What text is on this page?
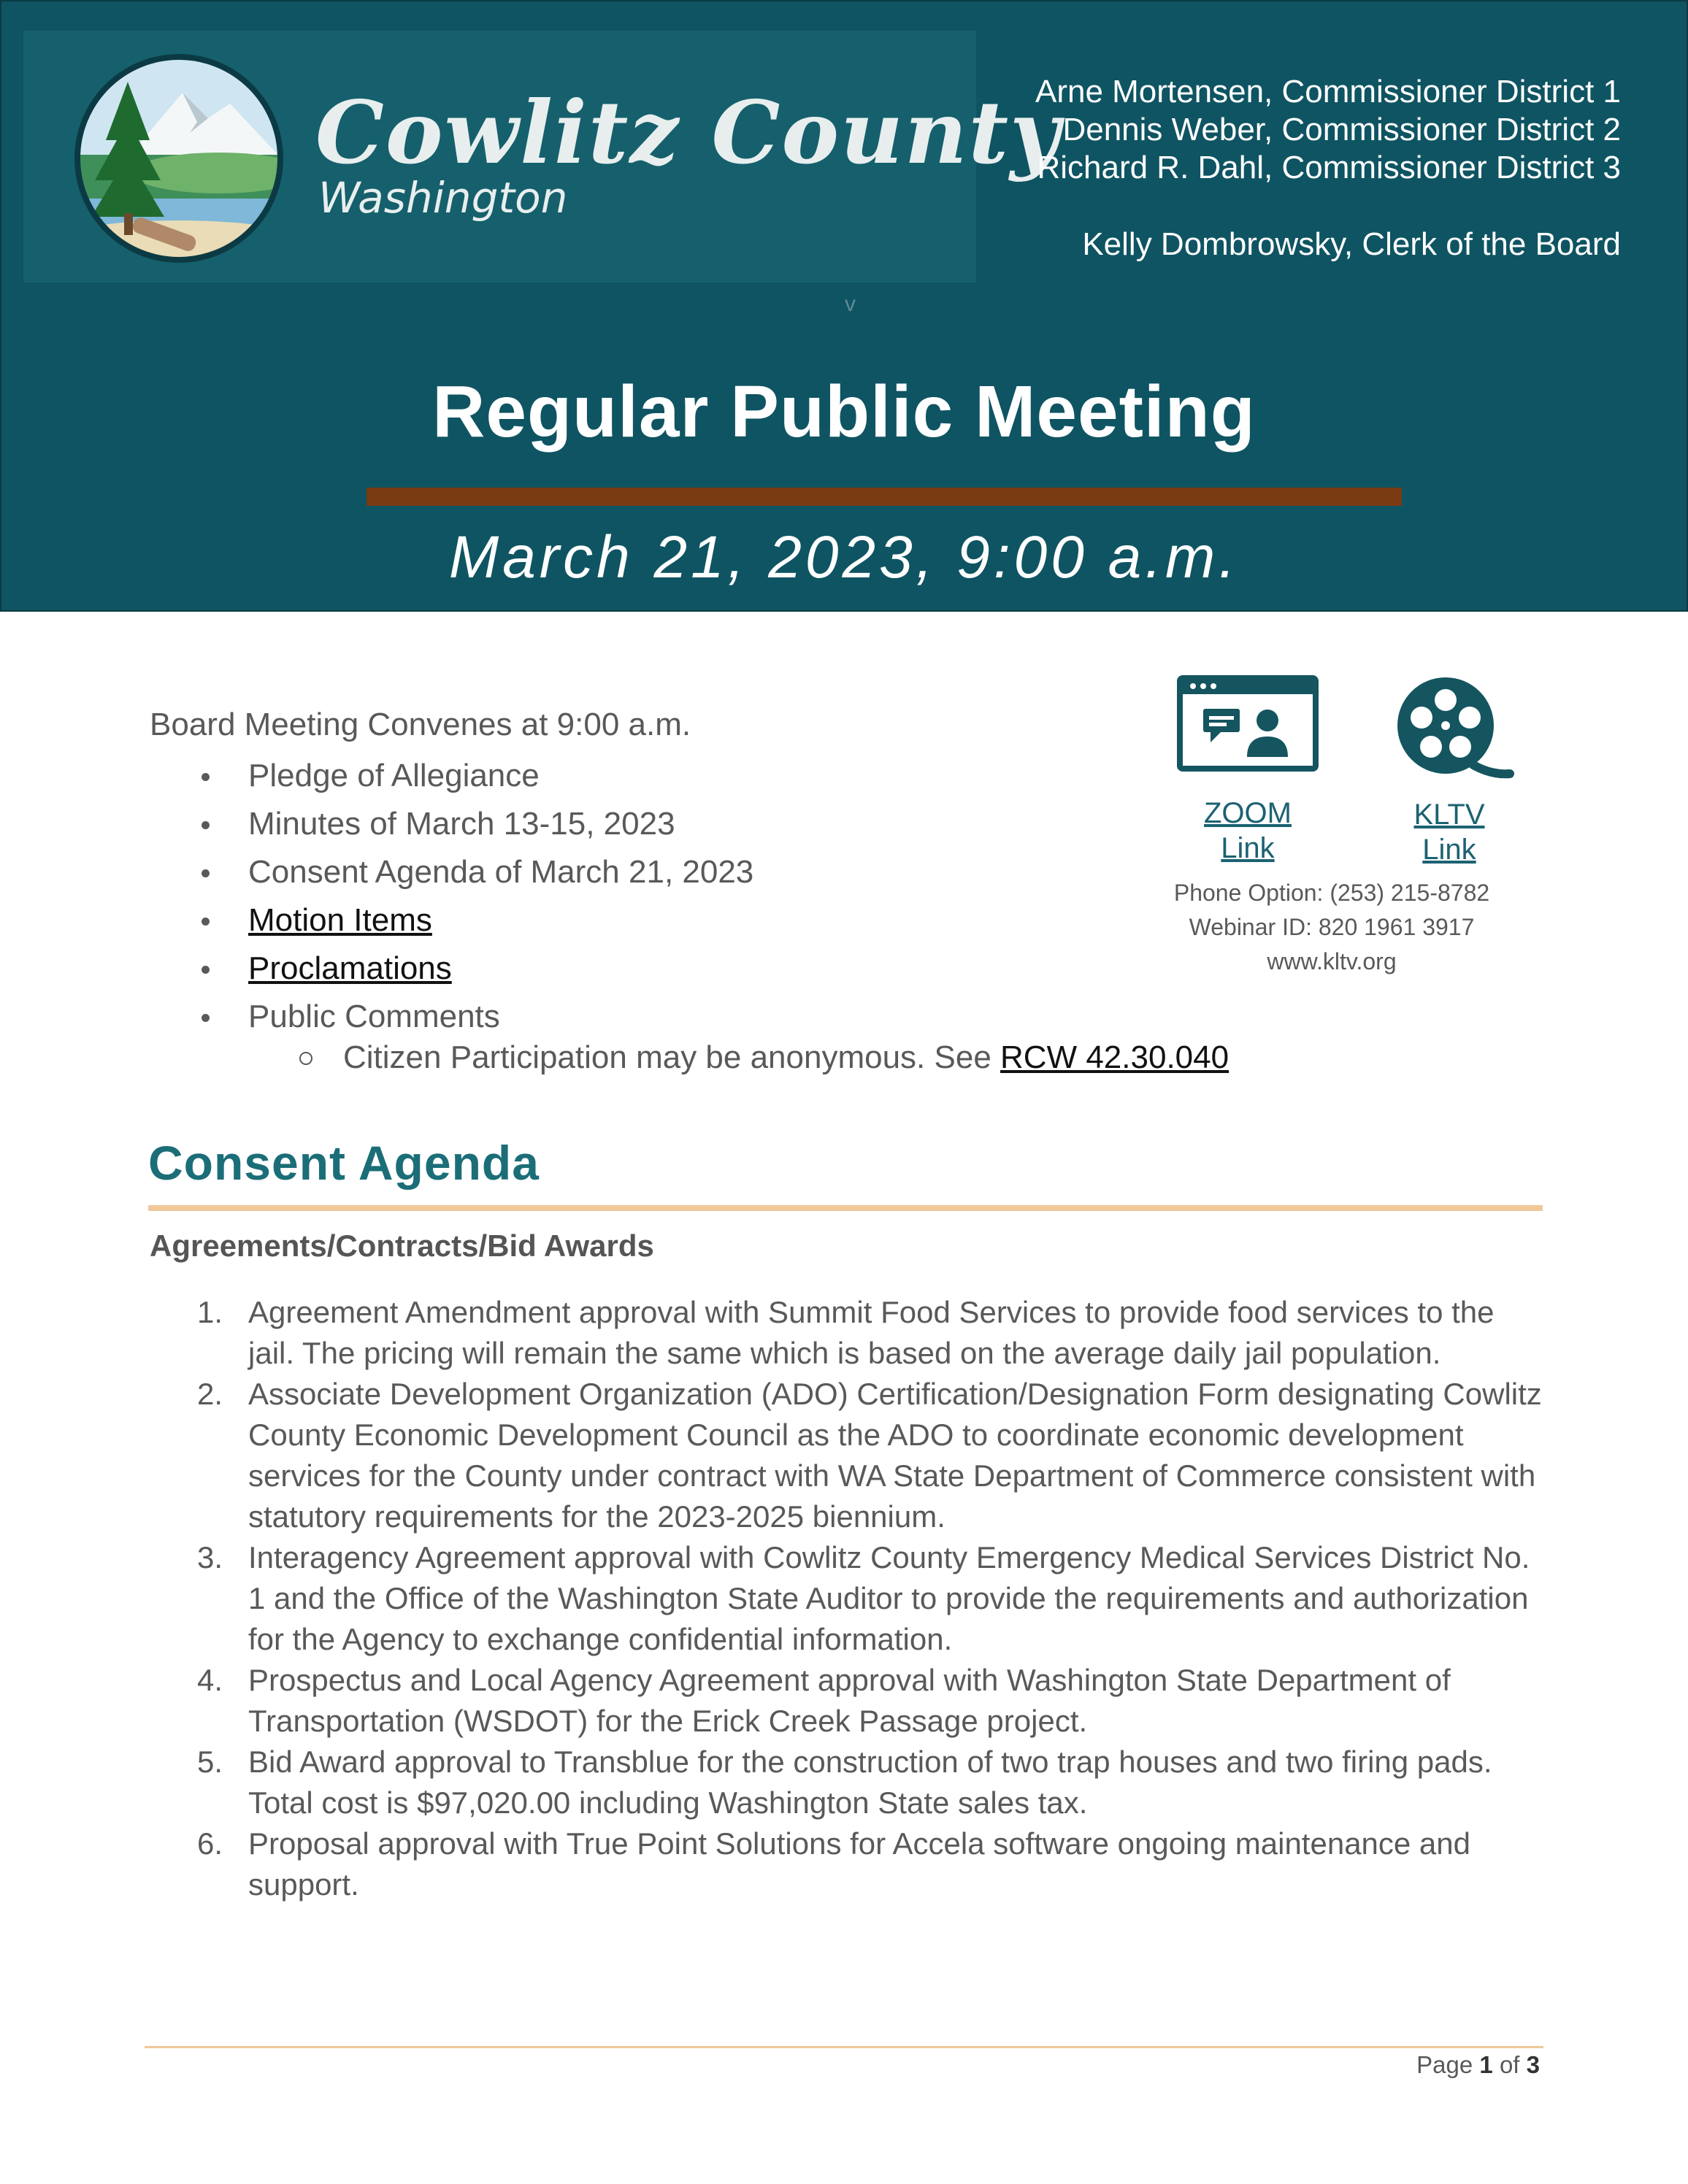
Cowlitz County
Washington
Arne Mortensen, Commissioner District 1
Dennis Weber, Commissioner District 2
Richard R. Dahl, Commissioner District 3
Kelly Dombrowsky, Clerk of the Board
v
Regular Public Meeting
March 21, 2023, 9:00 a.m.
Board Meeting Convenes at 9:00 a.m.
Pledge of Allegiance
Minutes of March 13-15, 2023
Consent Agenda of March 21, 2023
Motion Items
Proclamations
Public Comments
Citizen Participation may be anonymous. See RCW 42.30.040
ZOOM
Link
KLTV
Link
Phone Option: (253) 215-8782
Webinar ID: 820 1961 3917
www.kltv.org
Consent Agenda
Agreements/Contracts/Bid Awards
1. Agreement Amendment approval with Summit Food Services to provide food services to the jail. The pricing will remain the same which is based on the average daily jail population.
2. Associate Development Organization (ADO) Certification/Designation Form designating Cowlitz County Economic Development Council as the ADO to coordinate economic development services for the County under contract with WA State Department of Commerce consistent with statutory requirements for the 2023-2025 biennium.
3. Interagency Agreement approval with Cowlitz County Emergency Medical Services District No. 1 and the Office of the Washington State Auditor to provide the requirements and authorization for the Agency to exchange confidential information.
4. Prospectus and Local Agency Agreement approval with Washington State Department of Transportation (WSDOT) for the Erick Creek Passage project.
5. Bid Award approval to Transblue for the construction of two trap houses and two firing pads. Total cost is $97,020.00 including Washington State sales tax.
6. Proposal approval with True Point Solutions for Accela software ongoing maintenance and support.
Page 1 of 3
